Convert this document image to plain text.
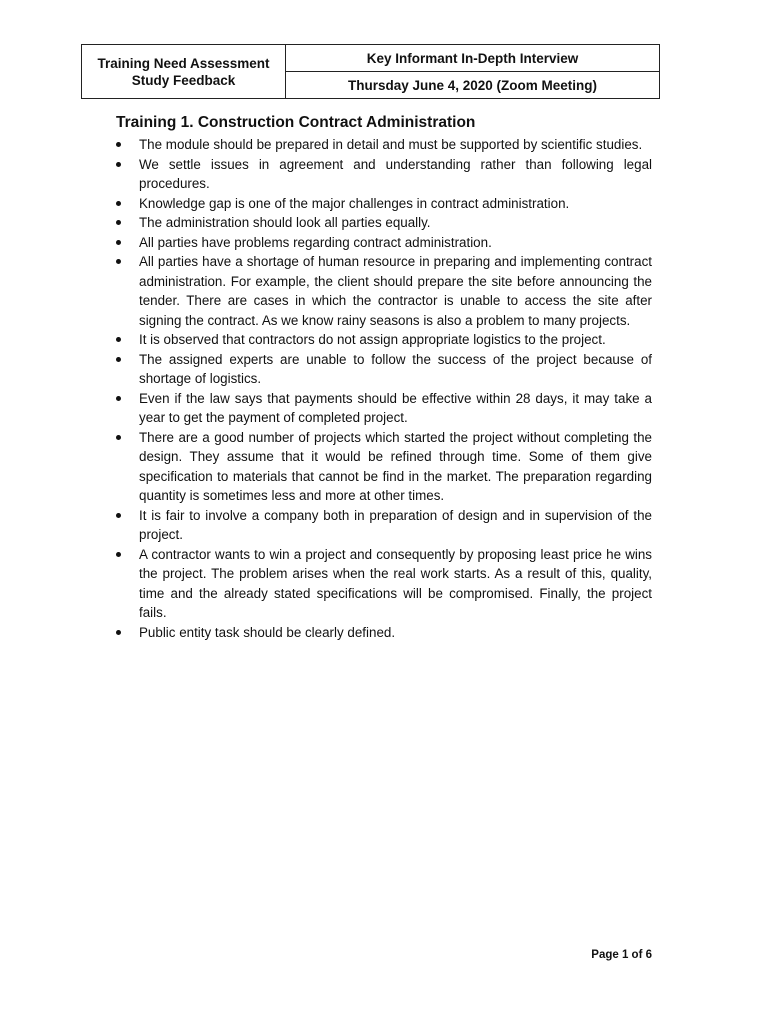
Training Need Assessment
Study Feedback	Key Informant In-Depth Interview
Thursday June 4, 2020 (Zoom Meeting)
Training 1. Construction Contract Administration
The module should be prepared in detail and must be supported by scientific studies.
We settle issues in agreement and understanding rather than following legal procedures.
Knowledge gap is one of the major challenges in contract administration.
The administration should look all parties equally.
All parties have problems regarding contract administration.
All parties have a shortage of human resource in preparing and implementing contract administration. For example, the client should prepare the site before announcing the tender. There are cases in which the contractor is unable to access the site after signing the contract. As we know rainy seasons is also a problem to many projects.
It is observed that contractors do not assign appropriate logistics to the project.
The assigned experts are unable to follow the success of the project because of shortage of logistics.
Even if the law says that payments should be effective within 28 days, it may take a year to get the payment of completed project.
There are a good number of projects which started the project without completing the design. They assume that it would be refined through time. Some of them give specification to materials that cannot be find in the market. The preparation regarding quantity is sometimes less and more at other times.
It is fair to involve a company both in preparation of design and in supervision of the project.
A contractor wants to win a project and consequently by proposing least price he wins the project. The problem arises when the real work starts. As a result of this, quality, time and the already stated specifications will be compromised. Finally, the project fails.
Public entity task should be clearly defined.
Page 1 of 6
